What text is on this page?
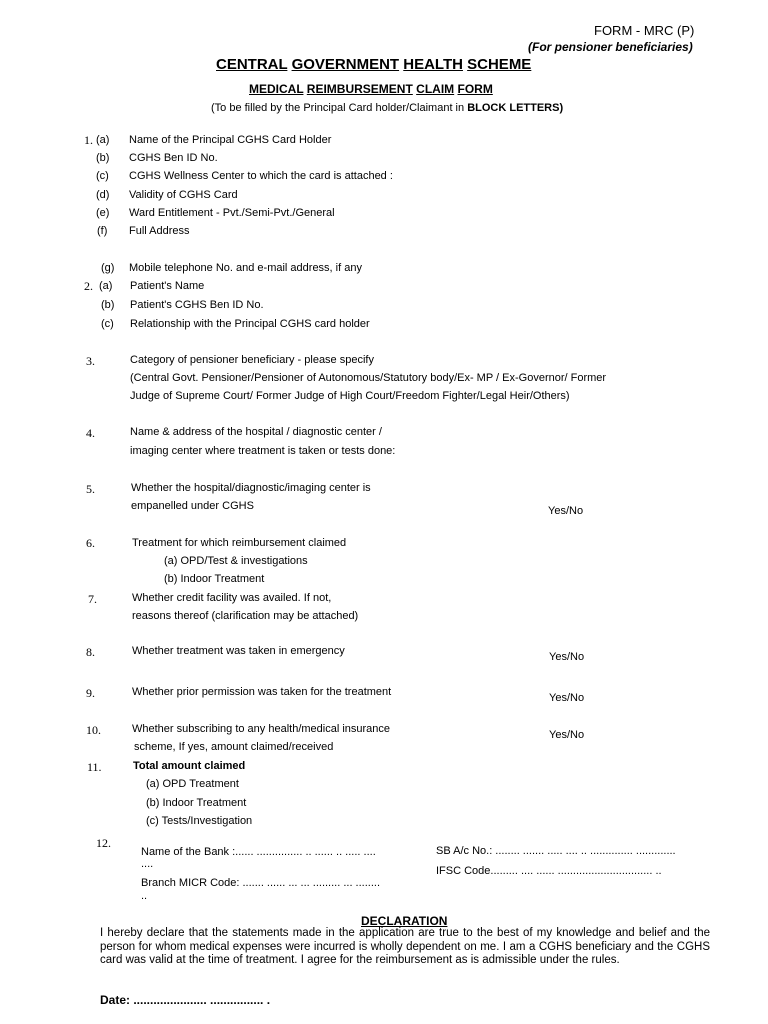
FORM - MRC (P)
(For pensioner beneficiaries)
CENTRAL GOVERNMENT HEALTH SCHEME
MEDICAL REIMBURSEMENT CLAIM FORM
(To be filled by the Principal Card holder/Claimant in BLOCK LETTERS)
1. (a) Name of the Principal CGHS Card Holder
(b) CGHS Ben ID No.
(c) CGHS Wellness Center to which the card is attached :
(d) Validity of CGHS Card
(e) Ward Entitlement - Pvt./Semi-Pvt./General
(f) Full Address
(g) Mobile telephone No. and e-mail address, if any
2. (a) Patient's Name
(b) Patient's CGHS Ben ID No.
(c) Relationship with the Principal CGHS card holder
3.	Category of pensioner beneficiary - please specify
(Central Govt. Pensioner/Pensioner of Autonomous/Statutory body/Ex- MP / Ex-Governor/ Former
Judge of Supreme Court/ Former Judge of High Court/Freedom Fighter/Legal Heir/Others)
4.	Name & address of the hospital / diagnostic center /
imaging center where treatment is taken or tests done:
5.	Whether the hospital/diagnostic/imaging center is
empanelled under CGHS	Yes/No
6.	Treatment for which reimbursement claimed
(a) OPD/Test & investigations
(b) Indoor Treatment
7.	Whether credit facility was availed. If not,
reasons thereof (clarification may be attached)
8.	Whether treatment was taken in emergency	Yes/No
9.	Whether prior permission was taken for the treatment	Yes/No
10.	Whether subscribing to any health/medical insurance
scheme, If yes, amount claimed/received
Yes/No
11.	Total amount claimed
(a) OPD Treatment
(b) Indoor Treatment
(c) Tests/Investigation
12.
Name of the Bank :...... ............... .. ...... .. ..... ....
....
Branch MICR Code: ....... ...... ... ... ......... ... ........
..
SB A/c No.: ........ ....... ..... .... .. .............. .............
IFSC Code......... .... ...... ............................... ..
DECLARATION
I hereby declare that the statements made in the application are true to the best of my knowledge and belief and the person for whom medical expenses were incurred is wholly dependent on me. I am a CGHS beneficiary and the CGHS card was valid at the time of treatment. I agree for the reimbursement as is admissible under the rules.
Date: ...................... ................ .
